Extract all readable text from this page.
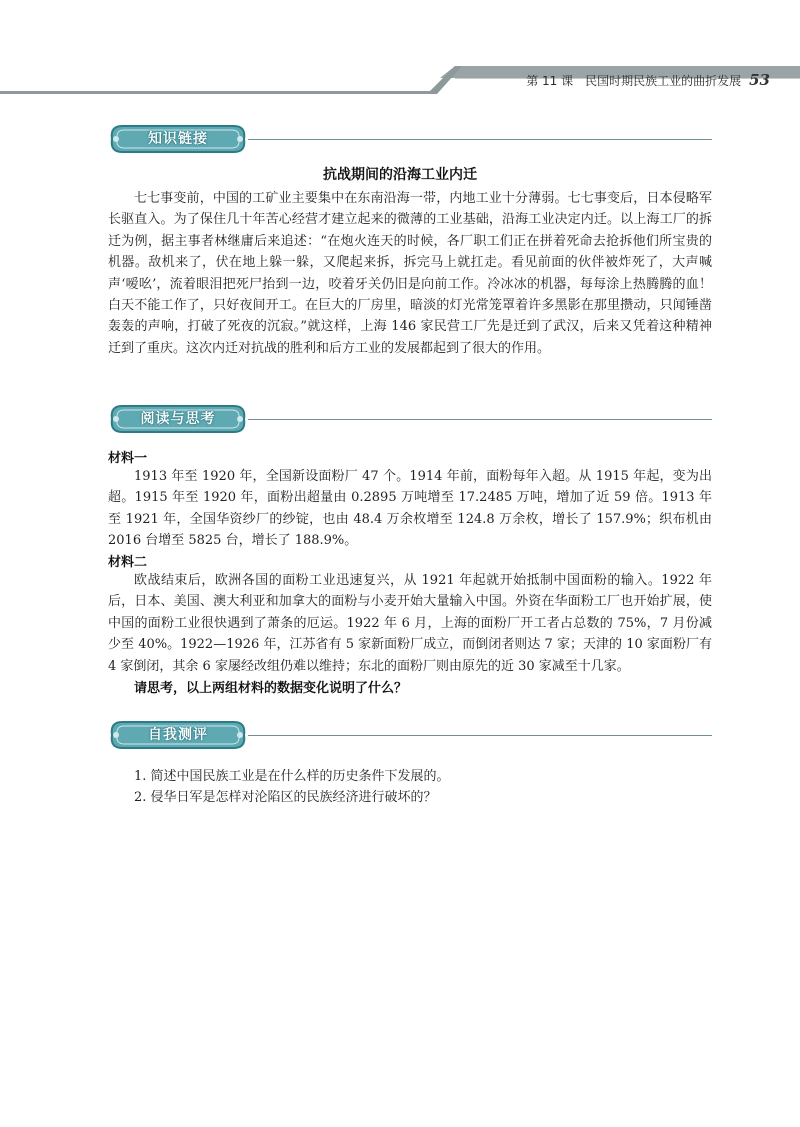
第 11 课　民国时期民族工业的曲折发展 53
知识链接
抗战期间的沿海工业内迁

七七事变前，中国的工矿业主要集中在东南沿海一带，内地工业十分薄弱。七七事变后，日本侵略军长驱直入。为了保住几十年苦心经营才建立起来的微薄的工业基础，沿海工业决定内迁。以上海工厂的拆迁为例，据主事者林继庸后来追述：“在炮火连天的时候，各厂职工们正在拼着死命去抢拆他们所宝贵的机器。敌机来了，伏在地上躲一躲，又爬起来拆，拆完马上就扛走。看见前面的伙伴被炸死了，大声喊声‘嗳吆’，流着眼泪把死尸抬到一边，咬着牙关仍旧是向前工作。冷冰冰的机器，每每涂上热腾腾的血！白天不能工作了，只好夜间开工。在巨大的厂房里，暗淡的灯光常笼罩着许多黑影在那里攒动，只闻锤凿轰轰的声响，打破了死夜的沉寂。”就这样，上海 146 家民营工厂先是迁到了武汉，后来又凭着这种精神迁到了重庆。这次内迁对抗战的胜利和后方工业的发展都起到了很大的作用。

阅读与思考
材料一

1913 年至 1920 年，全国新设面粉厂 47 个。1914 年前，面粉每年入超。从 1915 年起，变为出超。1915 年至 1920 年，面粉出超量由 0.2895 万吨增至 17.2485 万吨，增加了近 59 倍。1913 年至 1921 年，全国华资纱厂的纱锭，也由 48.4 万余枚增至 124.8 万余枚，增长了 157.9%；织布机由 2016 台增至 5825 台，增长了 188.9%。

材料二

欧战结束后，欧洲各国的面粉工业迅速复兴，从 1921 年起就开始抵制中国面粉的输入。1922 年后，日本、美国、澳大利亚和加拿大的面粉与小麦开始大量输入中国。外资在华面粉工厂也开始扩展，使中国的面粉工业很快遇到了萧条的厄运。1922 年 6 月，上海的面粉厂开工者占总数的 75%，7 月份减少至 40%。1922—1926 年，江苏省有 5 家新面粉厂成立，而倒闭者则达 7 家；天津的 10 家面粉厂有 4 家倒闭，其余 6 家屡经改组仍难以维持；东北的面粉厂则由原先的近 30 家减至十几家。

请思考，以上两组材料的数据变化说明了什么？
自我测评
1. 简述中国民族工业是在什么样的历史条件下发展的。
2. 侵华日军是怎样对沦陷区的民族经济进行破坏的？
